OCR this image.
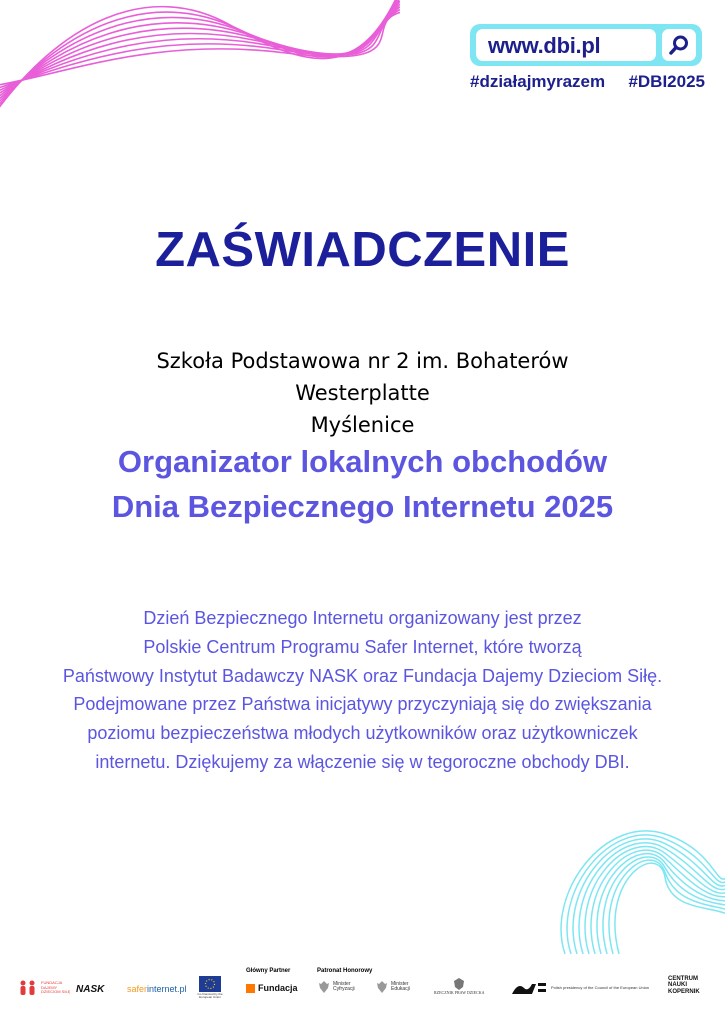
www.dbi.pl
#działajmyrazem #DBI2025
ZAŚWIADCZENIE
Szkoła Podstawowa nr 2 im. Bohaterów
Westerplatte
Myślenice
Organizator lokalnych obchodów
Dnia Bezpiecznego Internetu 2025
Dzień Bezpiecznego Internetu organizowany jest przez
Polskie Centrum Programu Safer Internet, które tworzą
Państwowy Instytut Badawczy NASK oraz Fundacja Dajemy Dzieciom Siłę.
Podejmowane przez Państwa inicjatywy przyczyniają się do zwiększania
poziomu bezpieczeństwa młodych użytkowników oraz użytkowniczek
internetu. Dziękujemy za włączenie się w tegoroczne obchody DBI.
FUNDACJA DAJEMY DZIECIOM SIŁĘ NASK	safer internet.pl	Co-financed by the European Union
Główny Partner
Fundacja
Patronat Honorowy
Minister Cyfryzacji
Minister Edukacji
RZECZNIK PRAW DZIECKA
Polish presidency of the Council of the European Union
CENTRUM
NAUKI
KOPERNIK
